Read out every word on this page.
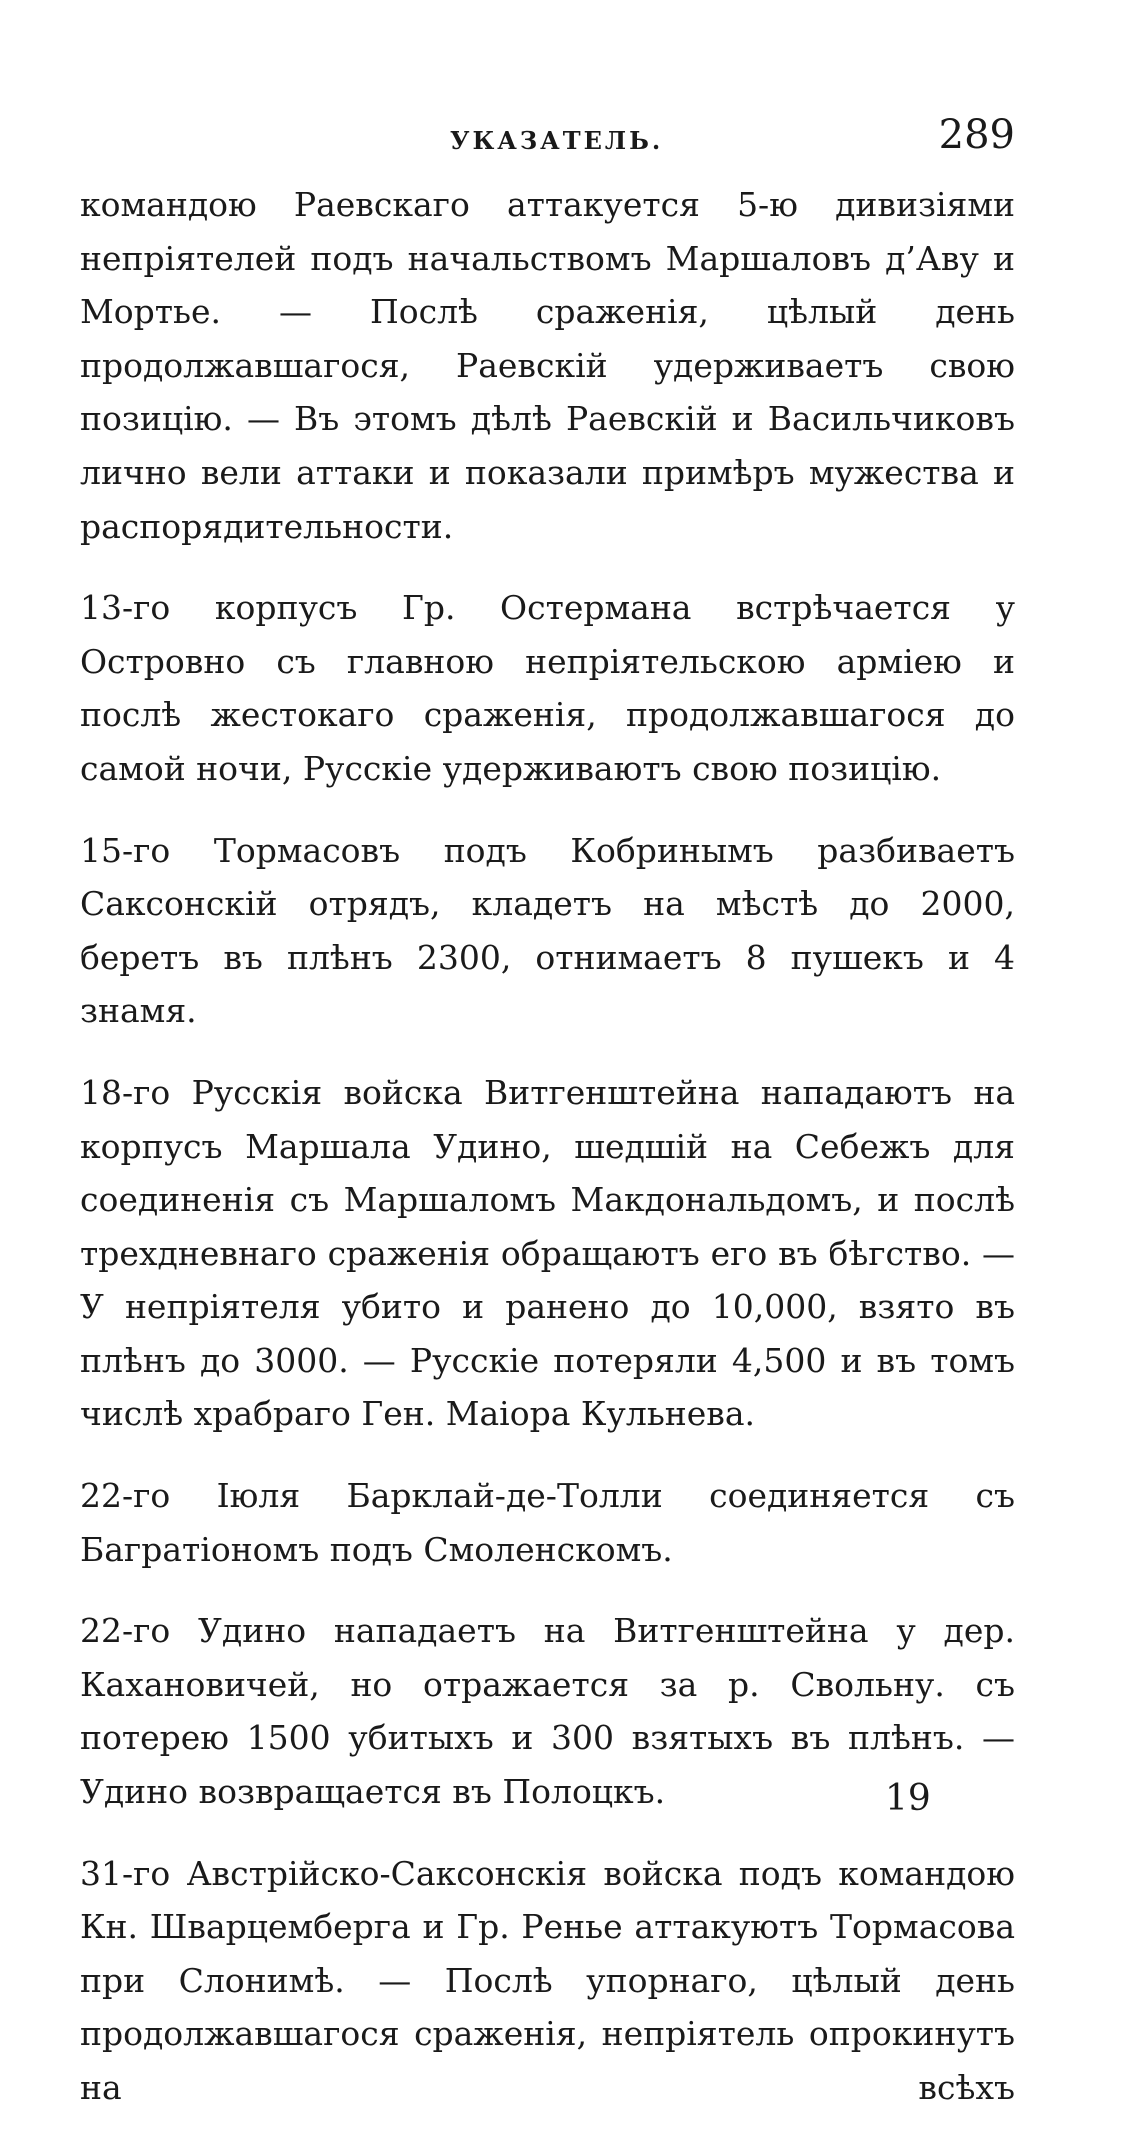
УКАЗАТЕЛЬ.	289

командою Раевскаго аттакуется 5-ю дивизіями непріятелей подъ начальствомъ Маршаловъ д’Аву и Мортье. — Послѣ сраженія, цѣлый день продолжавшагося, Раевскій удерживаетъ свою позицію. — Въ этомъ дѣлѣ Раевскій и Васильчиковъ лично вели аттаки и показали примѣръ мужества и распорядительности.

13-го корпусъ Гр. Остермана встрѣчается у Островно съ главною непріятельскою арміею и послѣ жестокаго сраженія, продолжавшагося до самой ночи, Русскіе удерживаютъ свою позицію.

15-го Тормасовъ подъ Кобринымъ разбиваетъ Саксонскій отрядъ, кладетъ на мѣстѣ до 2000, беретъ въ плѣнъ 2300, отнимаетъ 8 пушекъ и 4 знамя.

18-го Русскія войска Витгенштейна нападаютъ на корпусъ Маршала Удино, шедшій на Себежъ для соединенія съ Маршаломъ Макдональдомъ, и послѣ трехдневнаго сраженія обращаютъ его въ бѣгство. — У непріятеля убито и ранено до 10,000, взято въ плѣнъ до 3000. — Русскіе потеряли 4,500 и въ томъ числѣ храбраго Ген. Маіора Кульнева.

22-го Іюля Барклай-де-Толли соединяется съ Багратіономъ подъ Смоленскомъ.

22-го Удино нападаетъ на Витгенштейна у дер. Кахановичей, но отражается за р. Свольну. съ потерею 1500 убитыхъ и 300 взятыхъ въ плѣнъ. — Удино возвращается въ Полоцкъ.

31-го Австрійско-Саксонскія войска подъ командою Кн. Шварцемберга и Гр. Ренье аттакуютъ Тормасова при Слонимѣ. — Послѣ упорнаго, цѣлый день продолжавшагося сраженія, непріятель опрокинутъ на всѣхъ

19
